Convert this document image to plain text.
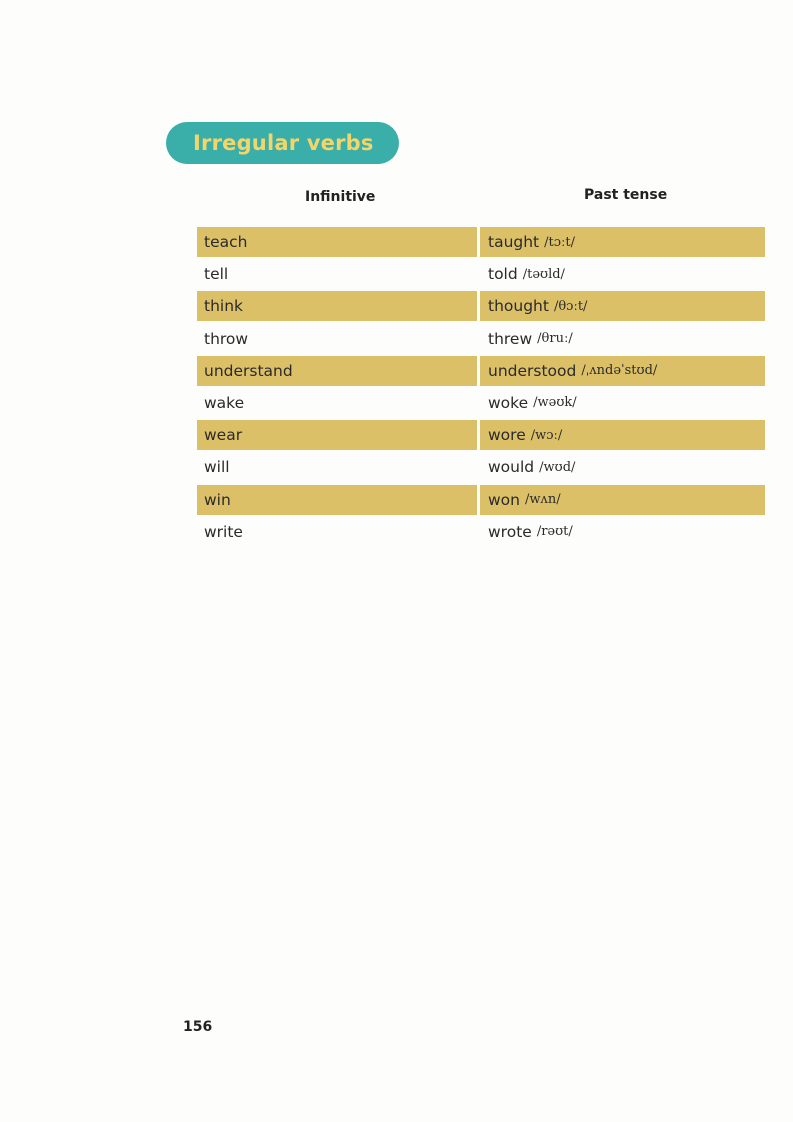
Irregular verbs
Infinitive	Past tense
teach	taught /tɔːt/
tell	told /təʊld/
think	thought /θɔːt/
throw	threw /θruː/
understand	understood /ˌʌndəˈstʊd/
wake	woke /wəʊk/
wear	wore /wɔː/
will	would /wʊd/
win	won /wʌn/
write	wrote /rəʊt/
156
